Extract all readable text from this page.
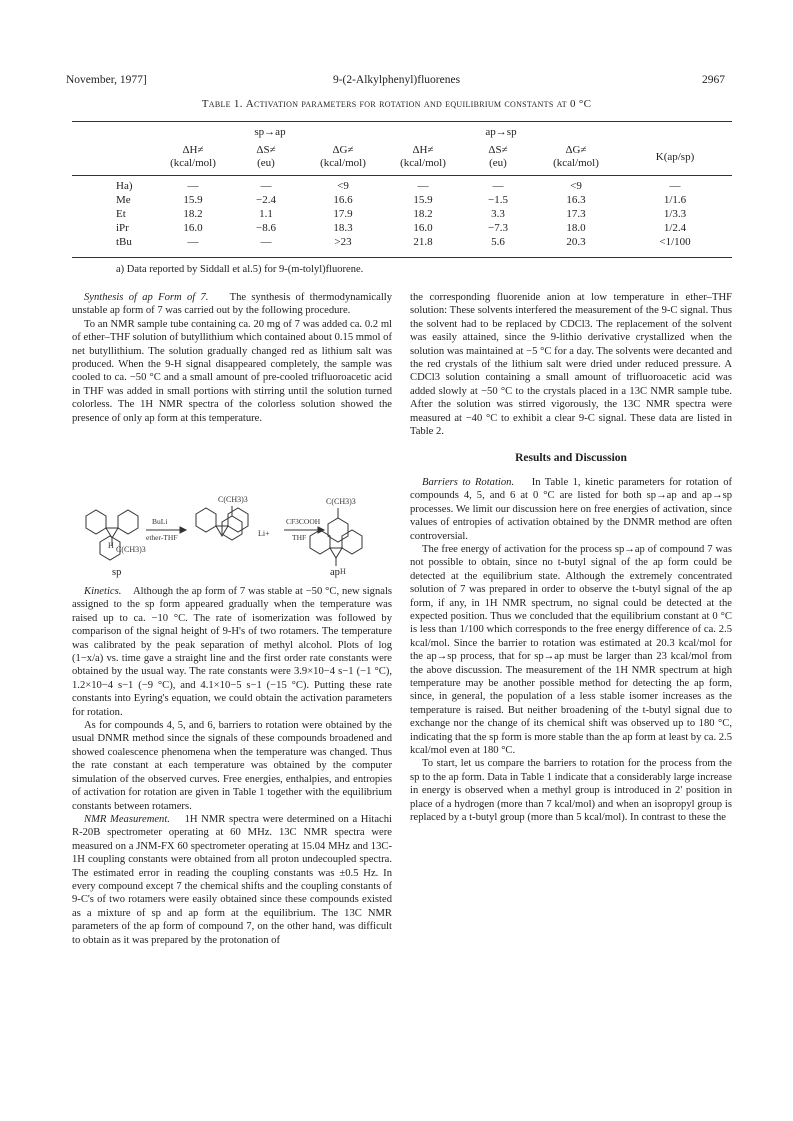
November, 1977]	9-(2-Alkylphenyl)fluorenes	2967
Table 1. Activation parameters for rotation and equilibrium constants at 0 °C
	sp→ap			ap→sp			
	ΔH≠	ΔS≠	ΔG≠	ΔH≠	ΔS≠	ΔG≠	K(ap/sp)
	(kcal/mol)	(eu)	(kcal/mol)	(kcal/mol)	(eu)	(kcal/mol)	

Ha)	—	—	<9	—	—	<9	—
Me	15.9	−2.4	16.6	15.9	−1.5	16.3	1/1.6
Et	18.2	1.1	17.9	18.2	3.3	17.3	1/3.3
iPr	16.0	−8.6	18.3	16.0	−7.3	18.0	1/2.4
tBu	—	—	>23	21.8	5.6	20.3	<1/100
a) Data reported by Siddall et al.5) for 9-(m-tolyl)fluorene.

Synthesis of ap Form of 7. The synthesis of thermodynamically unstable ap form of 7 was carried out by the following procedure.

To an NMR sample tube containing ca. 20 mg of 7 was added ca. 0.2 ml of ether–THF solution of butyllithium which contained about 0.15 mmol of net butyllithium. The solution gradually changed red as lithium salt was produced. When the 9-H signal disappeared completely, the sample was cooled to ca. −50 °C and a small amount of pre-cooled trifluoroacetic acid in THF was added in small portions with stirring until the solution turned colorless. The 1H NMR spectra of the colorless solution showed the presence of only ap form at this temperature.

H C(CH3)3
BuLi
ether-THF
C(CH3)3
Li+
CF3COOH
THF
C(CH3)3
H
sp	ap

Kinetics. Although the ap form of 7 was stable at −50 °C, new signals assigned to the sp form appeared gradually when the temperature was raised up to ca. −10 °C. The rate of isomerization was followed by comparison of the signal height of 9-H's of two rotamers. The temperature was calibrated by the peak separation of methyl alcohol. Plots of log (1−x/a) vs. time gave a straight line and the first order rate constants were obtained by the usual way. The rate constants were 3.9×10−4 s−1 (−1 °C), 1.2×10−4 s−1 (−9 °C), and 4.1×10−5 s−1 (−15 °C). Putting these rate constants into Eyring's equation, we could obtain the activation parameters for rotation.

As for compounds 4, 5, and 6, barriers to rotation were obtained by the usual DNMR method since the signals of these compounds broadened and showed coalescence phenomena when the temperature was changed. Thus the rate constant at each temperature was obtained by the computer simulation of the observed curves. Free energies, enthalpies, and entropies of activation for rotation are given in Table 1 together with the equilibrium constants between rotamers.

NMR Measurement. 1H NMR spectra were determined on a Hitachi R-20B spectrometer operating at 60 MHz. 13C NMR spectra were measured on a JNM-FX 60 spectrometer operating at 15.04 MHz and 13C-1H coupling constants were obtained from all proton undecoupled spectra. The estimated error in reading the coupling constants was ±0.5 Hz. In every compound except 7 the chemical shifts and the coupling constants of 9-C's of two rotamers were easily obtained since these compounds existed as a mixture of sp and ap form at the equilibrium. The 13C NMR parameters of the ap form of compound 7, on the other hand, was difficult to obtain as it was prepared by the protonation of

the corresponding fluorenide anion at low temperature in ether–THF solution: These solvents interfered the measurement of the 9-C signal. Thus the solvent had to be replaced by CDCl3. The replacement of the solvent was easily attained, since the 9-lithio derivative crystallized when the solution was maintained at −5 °C for a day. The solvents were decanted and the red crystals of the lithium salt were dried under reduced pressure. A CDCl3 solution containing a small amount of trifluoroacetic acid was added slowly at −50 °C to the crystals placed in a 13C NMR sample tube. After the solution was stirred vigorously, the 13C NMR spectra were measured at −40 °C to exhibit a clear 9-C signal. These data are listed in Table 2.

Results and Discussion

Barriers to Rotation. In Table 1, kinetic parameters for rotation of compounds 4, 5, and 6 at 0 °C are listed for both sp→ap and ap→sp processes. We limit our discussion here on free energies of activation, since values of entropies of activation obtained by the DNMR method are often controversial.

The free energy of activation for the process sp→ap of compound 7 was not possible to obtain, since no t-butyl signal of the ap form could be detected at the equilibrium state. Although the extremely concentrated solution of 7 was prepared in order to observe the t-butyl signal of the ap form, if any, in 1H NMR spectrum, no signal could be detected at the expected position. Thus we concluded that the equilibrium constant at 0 °C is less than 1/100 which corresponds to the free energy difference of ca. 2.5 kcal/mol. Since the barrier to rotation was estimated at 20.3 kcal/mol for the ap→sp process, that for sp→ap must be larger than 23 kcal/mol from the above discussion. The measurement of the 1H NMR spectrum at high temperature may be another possible method for detecting the ap form, since, in general, the population of a less stable isomer increases as the temperature is raised. But neither broadening of the t-butyl signal due to exchange nor the change of its chemical shift was observed up to 180 °C, indicating that the sp form is more stable than the ap form at least by ca. 2.5 kcal/mol even at 180 °C.

To start, let us compare the barriers to rotation for the process from the sp to the ap form. Data in Table 1 indicate that a considerably large increase in energy is observed when a methyl group is introduced in 2' position in place of a hydrogen (more than 7 kcal/mol) and when an isopropyl group is replaced by a t-butyl group (more than 5 kcal/mol). In contrast to these the
